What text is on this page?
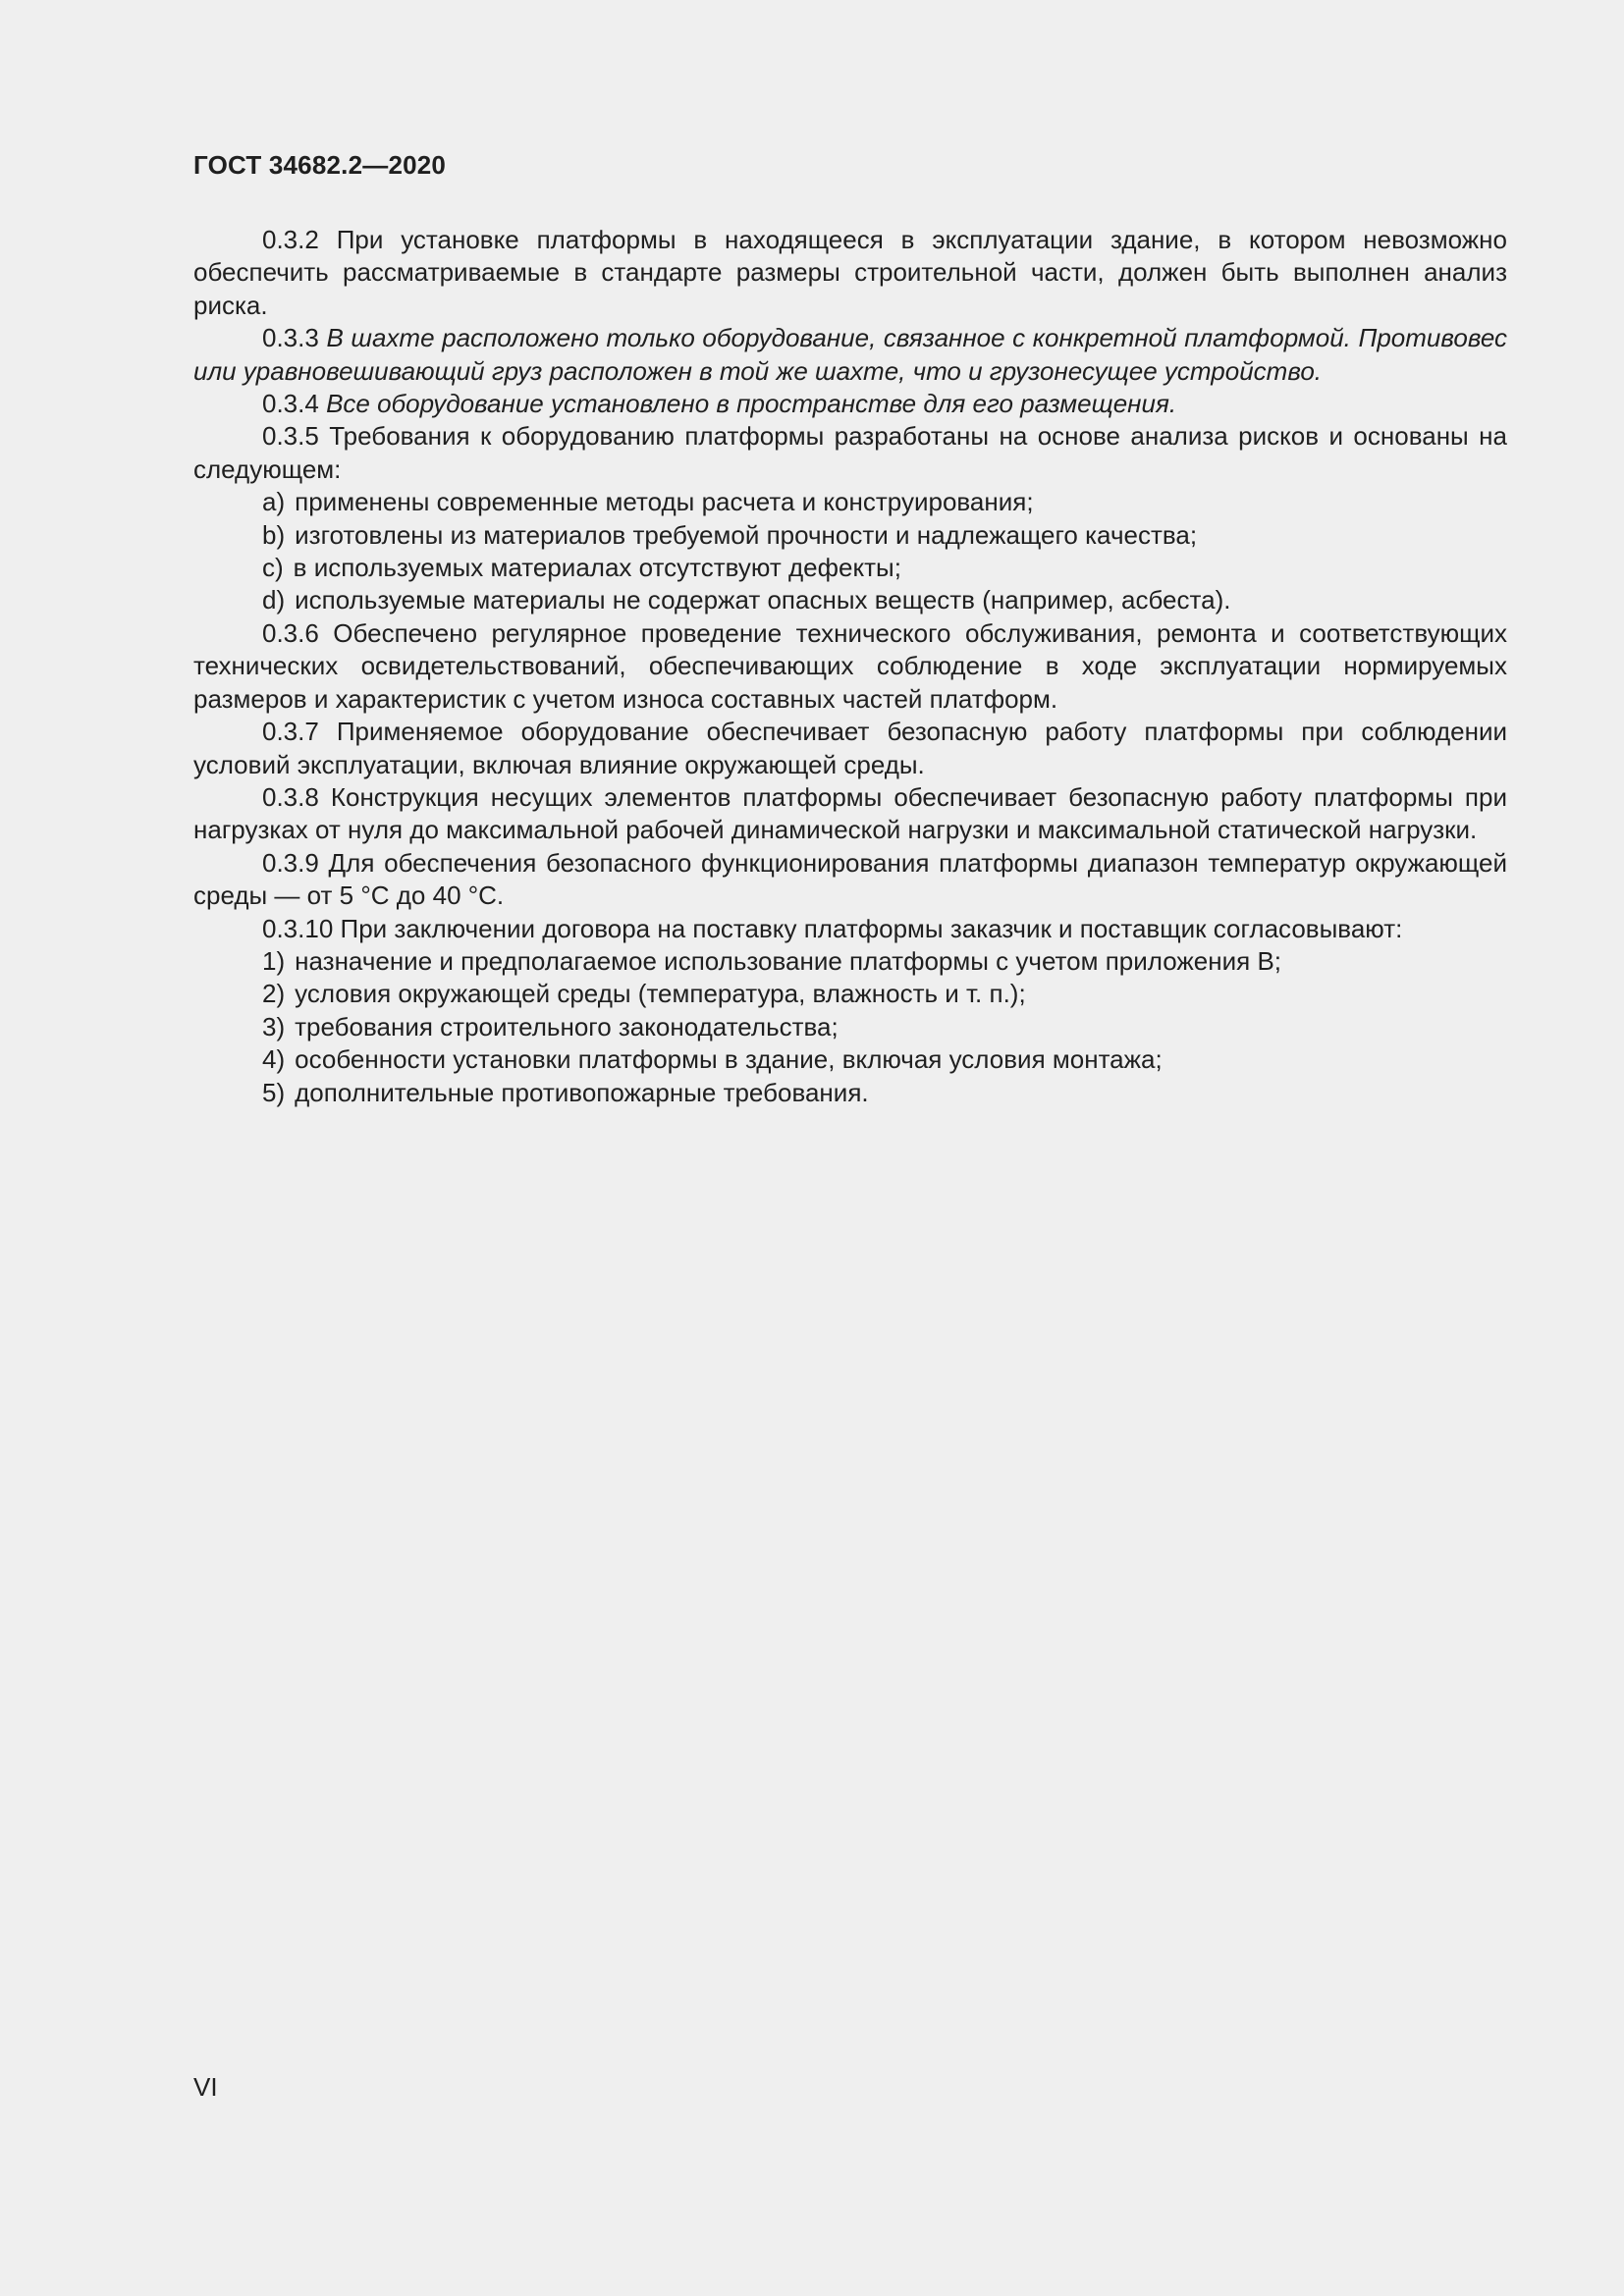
ГОСТ 34682.2—2020

0.3.2 При установке платформы в находящееся в эксплуатации здание, в котором невозможно обеспечить рассматриваемые в стандарте размеры строительной части, должен быть выполнен анализ риска.

0.3.3 В шахте расположено только оборудование, связанное с конкретной платформой. Противовес или уравновешивающий груз расположен в той же шахте, что и грузонесущее устройство.

0.3.4 Все оборудование установлено в пространстве для его размещения.

0.3.5 Требования к оборудованию платформы разработаны на основе анализа рисков и основаны на следующем:

a) применены современные методы расчета и конструирования;

b) изготовлены из материалов требуемой прочности и надлежащего качества;

c) в используемых материалах отсутствуют дефекты;

d) используемые материалы не содержат опасных веществ (например, асбеста).

0.3.6 Обеспечено регулярное проведение технического обслуживания, ремонта и соответствующих технических освидетельствований, обеспечивающих соблюдение в ходе эксплуатации нормируемых размеров и характеристик с учетом износа составных частей платформ.

0.3.7 Применяемое оборудование обеспечивает безопасную работу платформы при соблюдении условий эксплуатации, включая влияние окружающей среды.

0.3.8 Конструкция несущих элементов платформы обеспечивает безопасную работу платформы при нагрузках от нуля до максимальной рабочей динамической нагрузки и максимальной статической нагрузки.

0.3.9 Для обеспечения безопасного функционирования платформы диапазон температур окружающей среды — от 5 °С до 40 °С.

0.3.10 При заключении договора на поставку платформы заказчик и поставщик согласовывают:

1) назначение и предполагаемое использование платформы с учетом приложения В;

2) условия окружающей среды (температура, влажность и т. п.);

3) требования строительного законодательства;

4) особенности установки платформы в здание, включая условия монтажа;

5) дополнительные противопожарные требования.

VI
